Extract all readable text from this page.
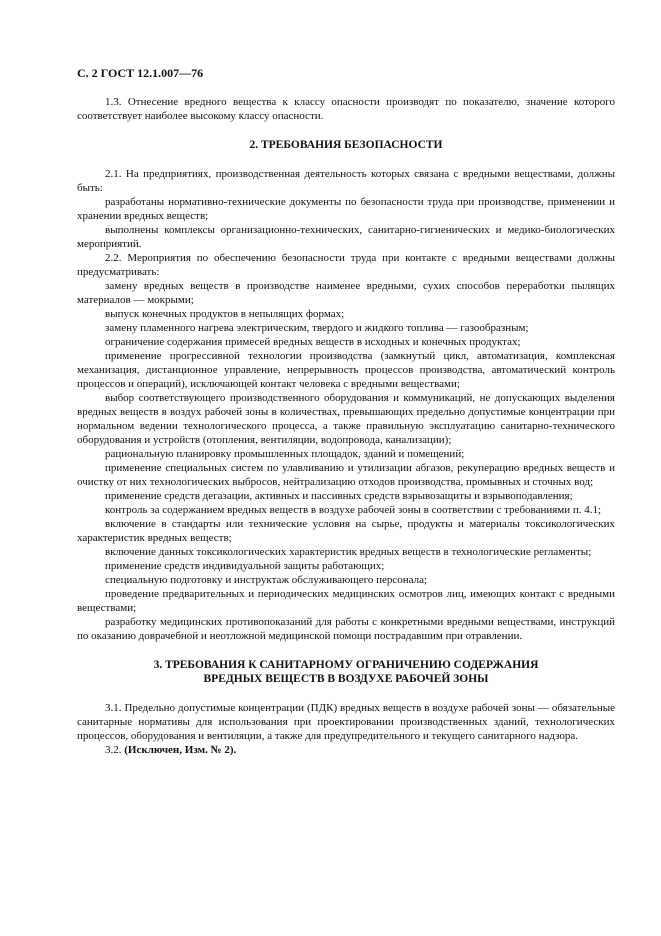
С. 2 ГОСТ 12.1.007—76

1.3. Отнесение вредного вещества к классу опасности производят по показателю, значение которого соответствует наиболее высокому классу опасности.

2. ТРЕБОВАНИЯ БЕЗОПАСНОСТИ

2.1. На предприятиях, производственная деятельность которых связана с вредными веществами, должны быть:

разработаны нормативно-технические документы по безопасности труда при производстве, применении и хранении вредных веществ;

выполнены комплексы организационно-технических, санитарно-гигиенических и медико-биологических мероприятий.

2.2. Мероприятия по обеспечению безопасности труда при контакте с вредными веществами должны предусматривать:

замену вредных веществ в производстве наименее вредными, сухих способов переработки пылящих материалов — мокрыми;

выпуск конечных продуктов в непылящих формах;

замену пламенного нагрева электрическим, твердого и жидкого топлива — газообразным;

ограничение содержания примесей вредных веществ в исходных и конечных продуктах;

применение прогрессивной технологии производства (замкнутый цикл, автоматизация, комплексная механизация, дистанционное управление, непрерывность процессов производства, автоматический контроль процессов и операций), исключающей контакт человека с вредными веществами;

выбор соответствующего производственного оборудования и коммуникаций, не допускающих выделения вредных веществ в воздух рабочей зоны в количествах, превышающих предельно допустимые концентрации при нормальном ведении технологического процесса, а также правильную эксплуатацию санитарно-технического оборудования и устройств (отопления, вентиляции, водопровода, канализации);

рациональную планировку промышленных площадок, зданий и помещений;

применение специальных систем по улавливанию и утилизации абгазов, рекуперацию вредных веществ и очистку от них технологических выбросов, нейтрализацию отходов производства, промывных и сточных вод;

применение средств дегазации, активных и пассивных средств взрывозащиты и взрывоподавления;

контроль за содержанием вредных веществ в воздухе рабочей зоны в соответствии с требованиями п. 4.1;

включение в стандарты или технические условия на сырье, продукты и материалы токсикологических характеристик вредных веществ;

включение данных токсикологических характеристик вредных веществ в технологические регламенты;

применение средств индивидуальной защиты работающих;

специальную подготовку и инструктаж обслуживающего персонала;

проведение предварительных и периодических медицинских осмотров лиц, имеющих контакт с вредными веществами;

разработку медицинских противопоказаний для работы с конкретными вредными веществами, инструкций по оказанию доврачебной и неотложной медицинской помощи пострадавшим при отравлении.

3. ТРЕБОВАНИЯ К САНИТАРНОМУ ОГРАНИЧЕНИЮ СОДЕРЖАНИЯ
ВРЕДНЫХ ВЕЩЕСТВ В ВОЗДУХЕ РАБОЧЕЙ ЗОНЫ

3.1. Предельно допустимые концентрации (ПДК) вредных веществ в воздухе рабочей зоны — обязательные санитарные нормативы для использования при проектировании производственных зданий, технологических процессов, оборудования и вентиляции, а также для предупредительного и текущего санитарного надзора.

3.2. (Исключен, Изм. № 2).
